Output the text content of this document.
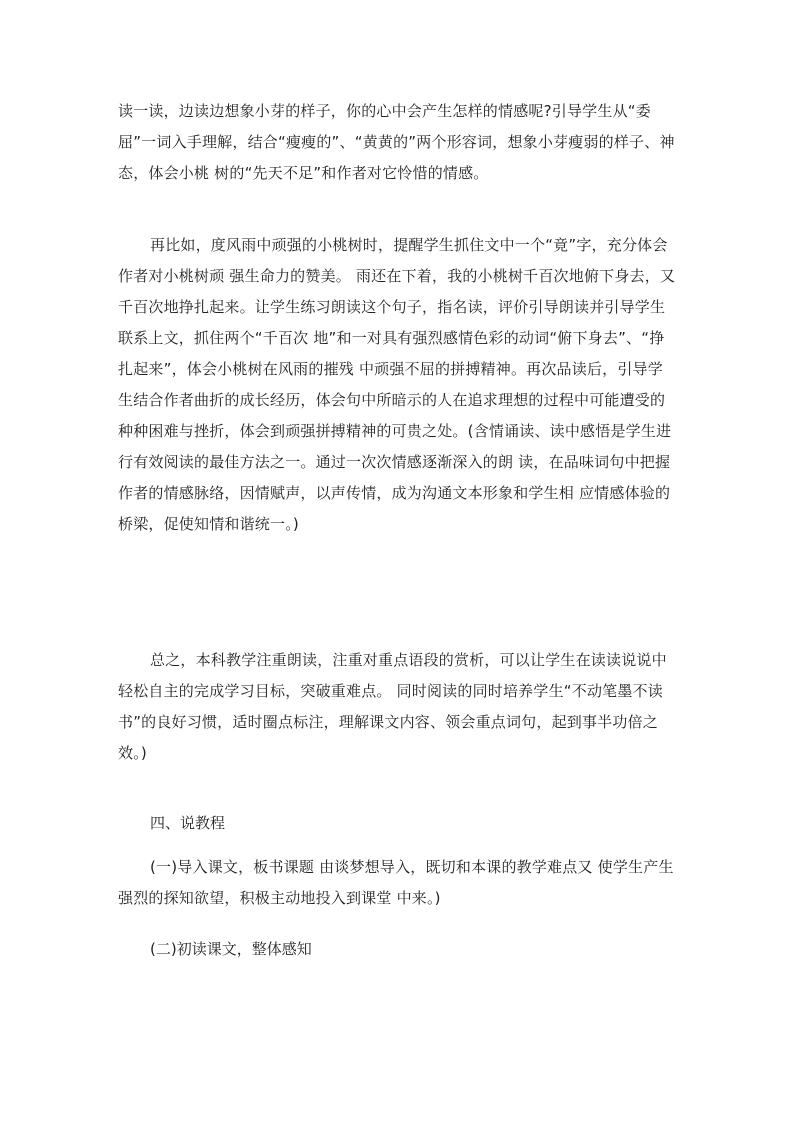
读一读，边读边想象小芽的样子，你的心中会产生怎样的情感呢?引导学生从“委屈”一词入手理解，结合“瘦瘦的”、“黄黄的”两个形容词，想象小芽瘦弱的样子、神态，体会小桃 树的“先天不足”和作者对它怜惜的情感。

再比如，度风雨中顽强的小桃树时，提醒学生抓住文中一个“竟”字，充分体会作者对小桃树顽 强生命力的赞美。 雨还在下着，我的小桃树千百次地俯下身去，又千百次地挣扎起来。让学生练习朗读这个句子，指名读，评价引导朗读并引导学生联系上文，抓住两个“千百次 地”和一对具有强烈感情色彩的动词“俯下身去”、“挣扎起来”，体会小桃树在风雨的摧残 中顽强不屈的拼搏精神。再次品读后，引导学生结合作者曲折的成长经历，体会句中所暗示的人在追求理想的过程中可能遭受的种种困难与挫折，体会到顽强拼搏精神的可贵之处。(含情诵读、读中感悟是学生进行有效阅读的最佳方法之一。通过一次次情感逐渐深入的朗 读，在品味词句中把握作者的情感脉络，因情赋声，以声传情，成为沟通文本形象和学生相 应情感体验的桥梁，促使知情和谐统一。)

总之，本科教学注重朗读，注重对重点语段的赏析，可以让学生在读读说说中轻松自主的完成学习目标，突破重难点。 同时阅读的同时培养学生“不动笔墨不读书”的良好习惯，适时圈点标注，理解课文内容、领会重点词句，起到事半功倍之效。)

四、说教程

(一)导入课文，板书课题 由谈梦想导入，既切和本课的教学难点又 使学生产生强烈的探知欲望，积极主动地投入到课堂 中来。)

(二)初读课文，整体感知
